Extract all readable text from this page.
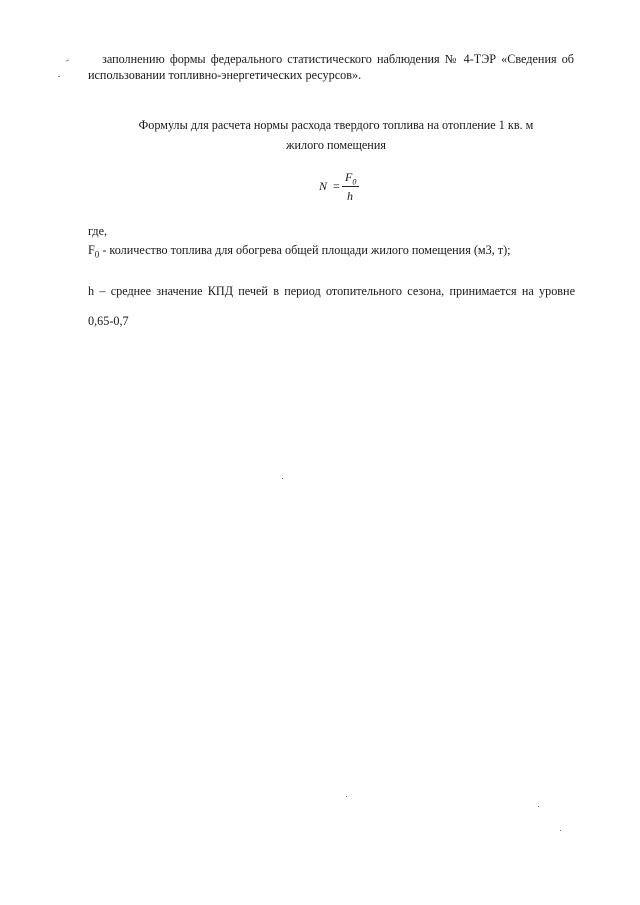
заполнению формы федерального статистического наблюдения № 4-ТЭР «Сведения об
использовании топливно-энергетических ресурсов».
Формулы для расчета нормы расхода твердого топлива на отопление 1 кв. м
жилого помещения
N =
$F_0$
h
где,
$F_0$ - количество топлива для обогрева общей площади жилого помещения (м3, т);
h – среднее значение КПД печей в период отопительного сезона, принимается на уровне
0,65-0,7
